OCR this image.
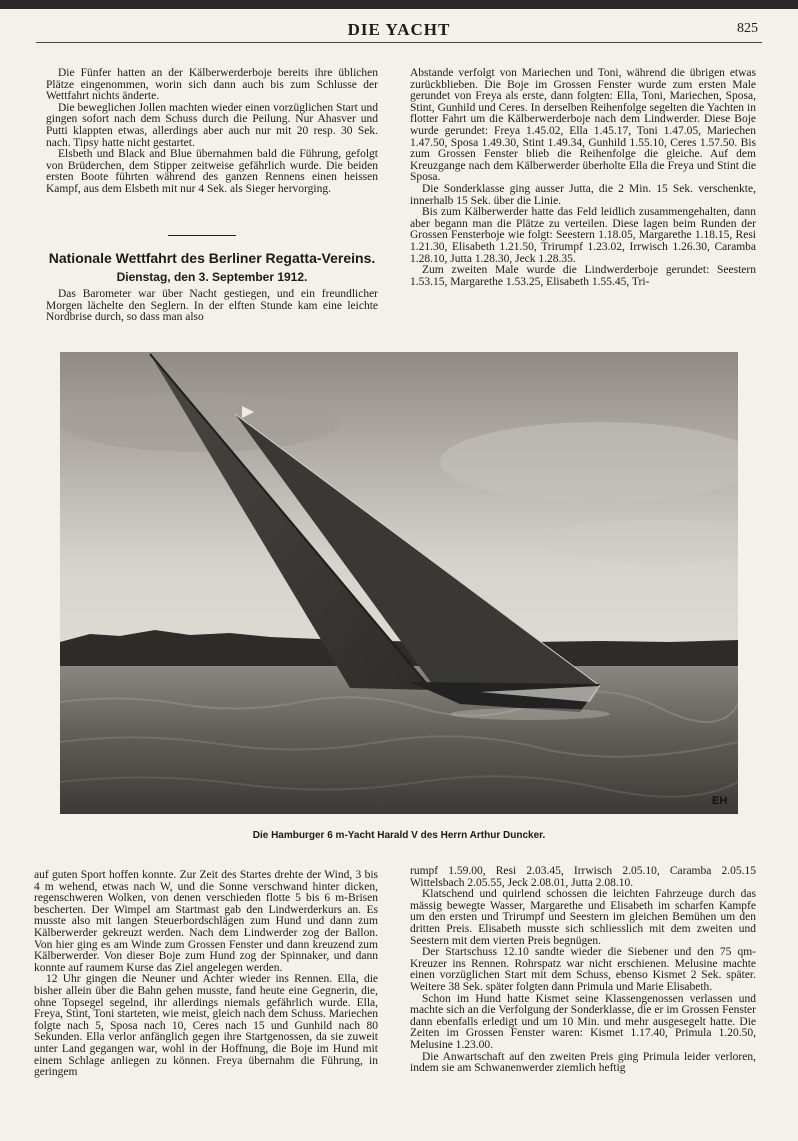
DIE YACHT	825

Die Fünfer hatten an der Kälberwerderboje bereits ihre üblichen Plätze eingenommen, worin sich dann auch bis zum Schlusse der Wettfahrt nichts änderte.

Die beweglichen Jollen machten wieder einen vorzüglichen Start und gingen sofort nach dem Schuss durch die Peilung. Nur Ahasver und Putti klappten etwas, allerdings aber auch nur mit 20 resp. 30 Sek. nach. Tipsy hatte nicht gestartet.

Elsbeth und Black and Blue übernahmen bald die Führung, gefolgt von Brüderchen, dem Stipper zeitweise gefährlich wurde. Die beiden ersten Boote führten während des ganzen Rennens einen heissen Kampf, aus dem Elsbeth mit nur 4 Sek. als Sieger hervorging.

Nationale Wettfahrt des Berliner Regatta-Vereins.
Dienstag, den 3. September 1912.

Das Barometer war über Nacht gestiegen, und ein freundlicher Morgen lächelte den Seglern. In der elften Stunde kam eine leichte Nordbrise durch, so dass man also

Abstande verfolgt von Mariechen und Toni, während die übrigen etwas zurückblieben. Die Boje im Grossen Fenster wurde zum ersten Male gerundet von Freya als erste, dann folgten: Ella, Toni, Mariechen, Sposa, Stint, Gunhild und Ceres. In derselben Reihenfolge segelten die Yachten in flotter Fahrt um die Kälberwerderboje nach dem Lindwerder. Diese Boje wurde gerundet: Freya 1.45.02, Ella 1.45.17, Toni 1.47.05, Mariechen 1.47.50, Sposa 1.49.30, Stint 1.49.34, Gunhild 1.55.10, Ceres 1.57.50. Bis zum Grossen Fenster blieb die Reihenfolge die gleiche. Auf dem Kreuzgange nach dem Kälberwerder überholte Ella die Freya und Stint die Sposa.

Die Sonderklasse ging ausser Jutta, die 2 Min. 15 Sek. verschenkte, innerhalb 15 Sek. über die Linie.

Bis zum Kälberwerder hatte das Feld leidlich zusammengehalten, dann aber begann man die Plätze zu verteilen. Diese lagen beim Runden der Grossen Fensterboje wie folgt: Seestern 1.18.05, Margarethe 1.18.15, Resi 1.21.30, Elisabeth 1.21.50, Trirumpf 1.23.02, Irrwisch 1.26.30, Caramba 1.28.10, Jutta 1.28.30, Jeck 1.28.35.

Zum zweiten Male wurde die Lindwerderboje gerundet: Seestern 1.53.15, Margarethe 1.53.25, Elisabeth 1.55.45, Tri-

EH
Die Hamburger 6 m-Yacht Harald V des Herrn Arthur Duncker.

auf guten Sport hoffen konnte. Zur Zeit des Startes drehte der Wind, 3 bis 4 m wehend, etwas nach W, und die Sonne verschwand hinter dicken, regenschweren Wolken, von denen verschieden flotte 5 bis 6 m-Brisen bescherten. Der Wimpel am Startmast gab den Lindwerderkurs an. Es musste also mit langen Steuerbordschlägen zum Hund und dann zum Kälberwerder gekreuzt werden. Nach dem Lindwerder zog der Ballon. Von hier ging es am Winde zum Grossen Fenster und dann kreuzend zum Kälberwerder. Von dieser Boje zum Hund zog der Spinnaker, und dann konnte auf raumem Kurse das Ziel angelegen werden.

12 Uhr gingen die Neuner und Achter wieder ins Rennen. Ella, die bisher allein über die Bahn gehen musste, fand heute eine Gegnerin, die, ohne Topsegel segelnd, ihr allerdings niemals gefährlich wurde. Ella, Freya, Stint, Toni starteten, wie meist, gleich nach dem Schuss. Mariechen folgte nach 5, Sposa nach 10, Ceres nach 15 und Gunhild nach 80 Sekunden. Ella verlor anfänglich gegen ihre Startgenossen, da sie zuweit unter Land gegangen war, wohl in der Hoffnung, die Boje im Hund mit einem Schlage anliegen zu können. Freya übernahm die Führung, in geringem

rumpf 1.59.00, Resi 2.03.45, Irrwisch 2.05.10, Caramba 2.05.15 Wittelsbach 2.05.55, Jeck 2.08.01, Jutta 2.08.10.

Klatschend und quirlend schossen die leichten Fahrzeuge durch das mässig bewegte Wasser, Margarethe und Elisabeth im scharfen Kampfe um den ersten und Trirumpf und Seestern im gleichen Bemühen um den dritten Preis. Elisabeth musste sich schliesslich mit dem zweiten und Seestern mit dem vierten Preis begnügen.

Der Startschuss 12.10 sandte wieder die Siebener und den 75 qm-Kreuzer ins Rennen. Rohrspatz war nicht erschienen. Melusine machte einen vorzüglichen Start mit dem Schuss, ebenso Kismet 2 Sek. später. Weitere 38 Sek. später folgten dann Primula und Marie Elisabeth.

Schon im Hund hatte Kismet seine Klassengenossen verlassen und machte sich an die Verfolgung der Sonderklasse, die er im Grossen Fenster dann ebenfalls erledigt und um 10 Min. und mehr ausgesegelt hatte. Die Zeiten im Grossen Fenster waren: Kismet 1.17.40, Primula 1.20.50, Melusine 1.23.00.

Die Anwartschaft auf den zweiten Preis ging Primula leider verloren, indem sie am Schwanenwerder ziemlich heftig
